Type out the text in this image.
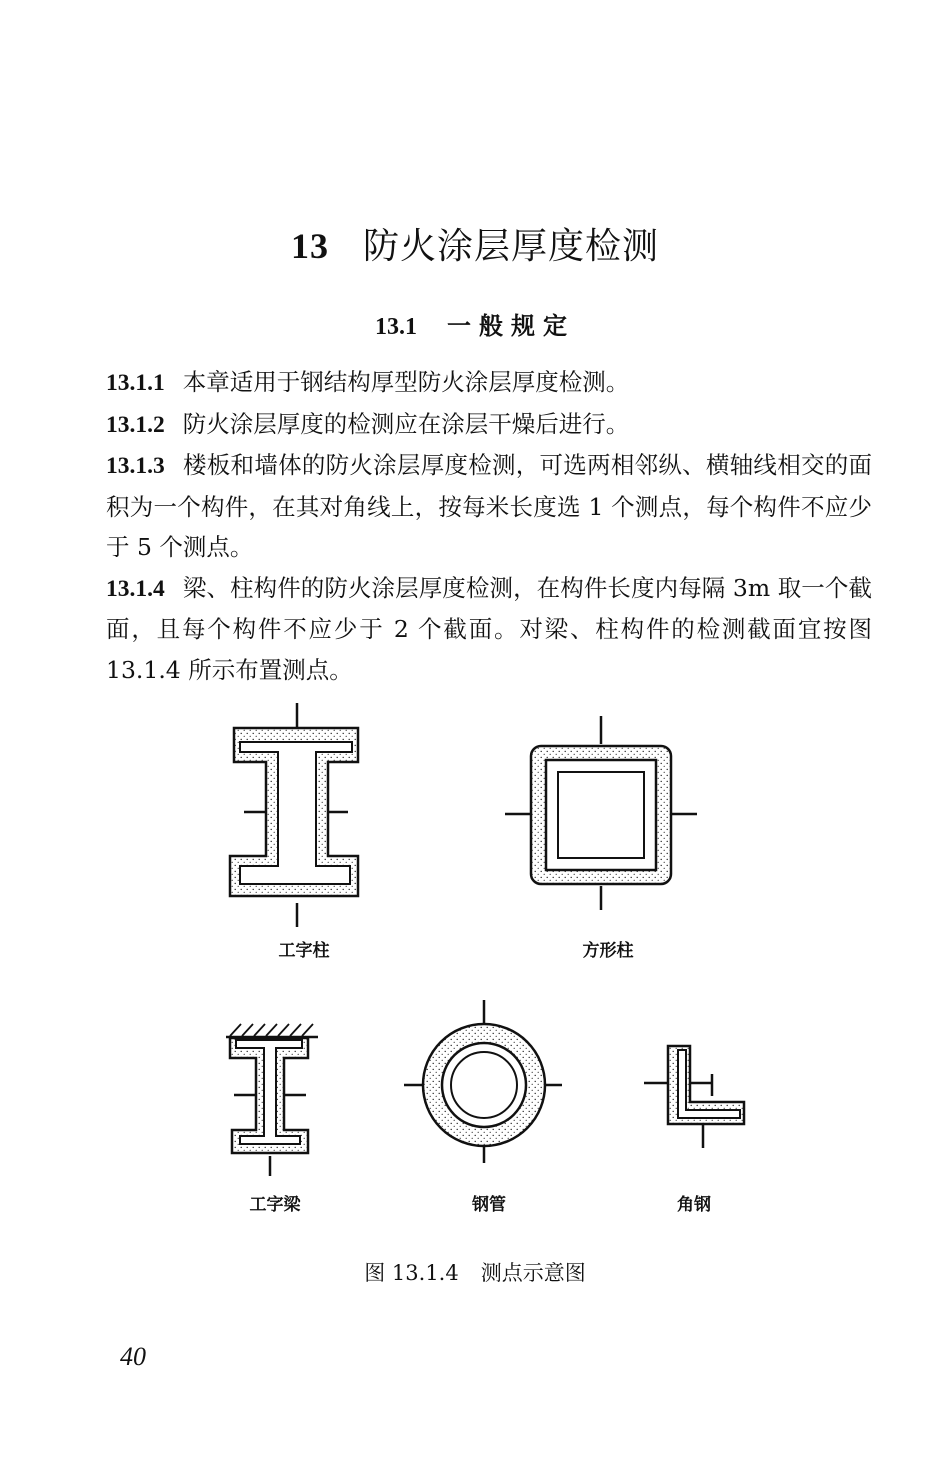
13 防火涂层厚度检测
13.1 一般规定

13.1.1 本章适用于钢结构厚型防火涂层厚度检测。

13.1.2 防火涂层厚度的检测应在涂层干燥后进行。

13.1.3 楼板和墙体的防火涂层厚度检测，可选两相邻纵、横轴线相交的面积为一个构件，在其对角线上，按每米长度选 1 个测点，每个构件不应少于 5 个测点。

13.1.4 梁、柱构件的防火涂层厚度检测，在构件长度内每隔 3m 取一个截面，且每个构件不应少于 2 个截面。对梁、柱构件的检测截面宜按图 13.1.4 所示布置测点。

工字柱	方形柱
工字梁	钢管	角钢
图 13.1.4 测点示意图
40
